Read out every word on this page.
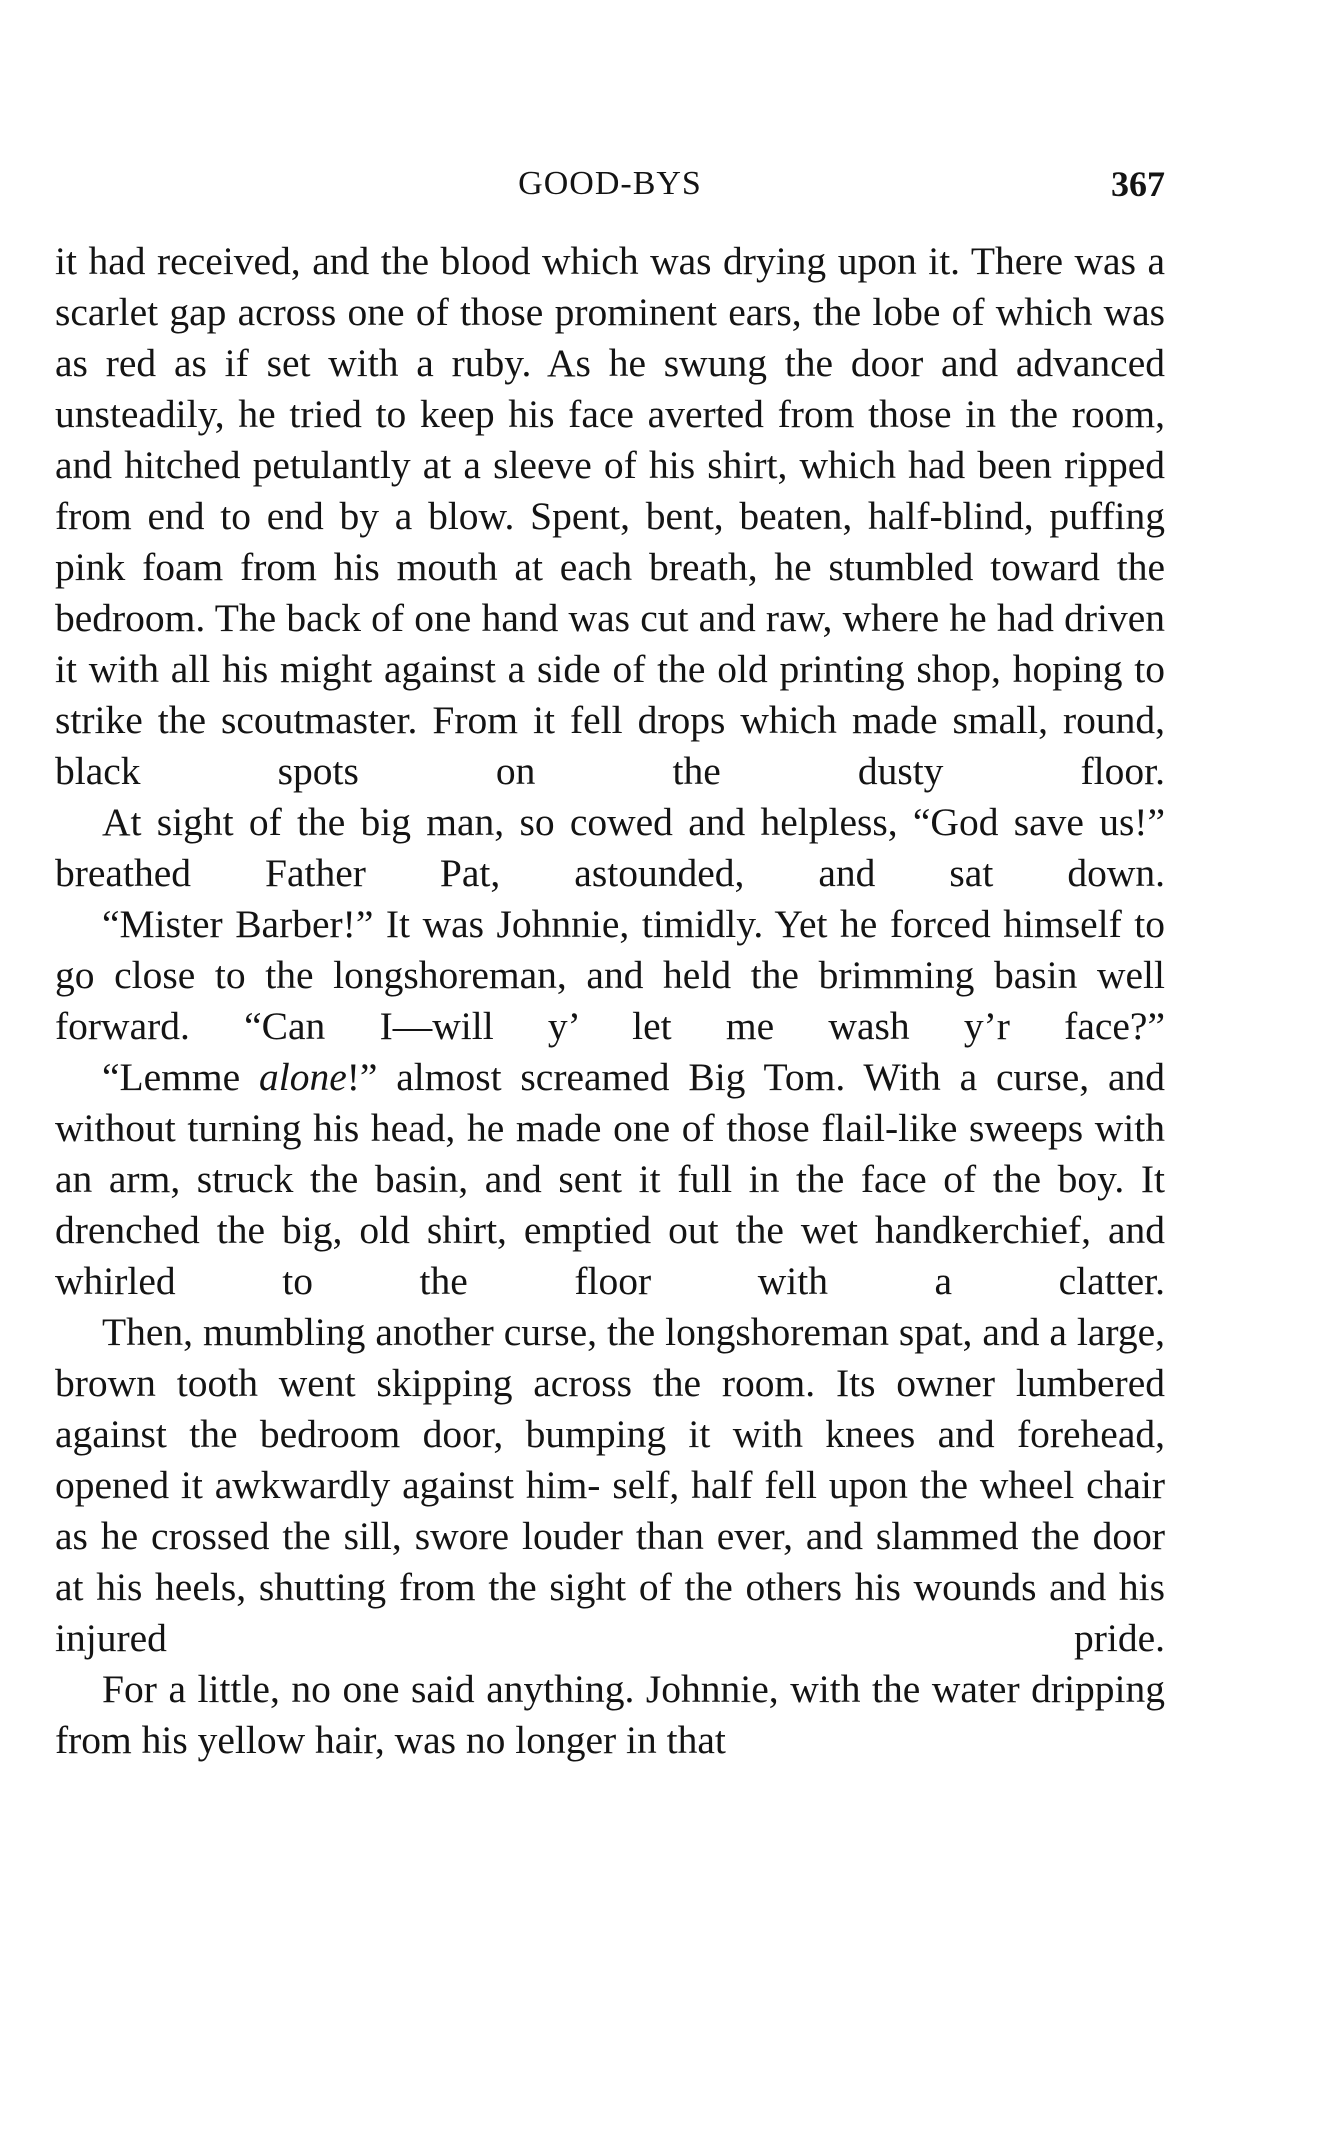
GOOD-BYS	367

it had received, and the blood which was drying upon it. There was a scarlet gap across one of those prominent ears, the lobe of which was as red as if set with a ruby. As he swung the door and advanced unsteadily, he tried to keep his face averted from those in the room, and hitched petulantly at a sleeve of his shirt, which had been ripped from end to end by a blow. Spent, bent, beaten, half-blind, puffing pink foam from his mouth at each breath, he stumbled toward the bedroom. The back of one hand was cut and raw, where he had driven it with all his might against a side of the old printing shop, hoping to strike the scoutmaster. From it fell drops which made small, round, black spots on the dusty floor.

At sight of the big man, so cowed and helpless, “God save us!” breathed Father Pat, astounded, and sat down.

“Mister Barber!” It was Johnnie, timidly. Yet he forced himself to go close to the longshoreman, and held the brimming basin well forward. “Can I—will y’ let me wash y’r face?”

“Lemme alone!” almost screamed Big Tom. With a curse, and without turning his head, he made one of those flail-like sweeps with an arm, struck the basin, and sent it full in the face of the boy. It drenched the big, old shirt, emptied out the wet handkerchief, and whirled to	the floor with a clatter.

Then, mumbling another curse, the longshoreman spat, and a large, brown tooth went skipping across the room. Its owner lumbered against the bedroom door, bumping it with knees and forehead, opened it awkwardly against him- self, half fell upon the wheel chair as he crossed the sill, swore louder than ever, and slammed the door at his heels, shutting from the sight of the others his wounds and his injured pride.

For a little, no one said anything. Johnnie, with the water dripping from his yellow hair, was no longer in that
